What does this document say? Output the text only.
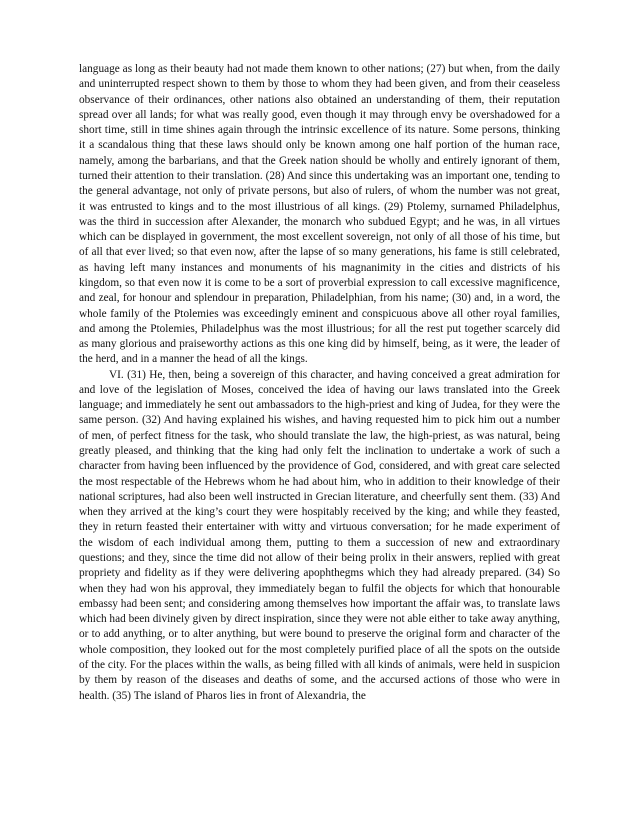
language as long as their beauty had not made them known to other nations; (27) but when, from the daily and uninterrupted respect shown to them by those to whom they had been given, and from their ceaseless observance of their ordinances, other nations also obtained an understanding of them, their reputation spread over all lands; for what was really good, even though it may through envy be overshadowed for a short time, still in time shines again through the intrinsic excellence of its nature. Some persons, thinking it a scandalous thing that these laws should only be known among one half portion of the human race, namely, among the barbarians, and that the Greek nation should be wholly and entirely ignorant of them, turned their attention to their translation. (28) And since this undertaking was an important one, tending to the general advantage, not only of private persons, but also of rulers, of whom the number was not great, it was entrusted to kings and to the most illustrious of all kings. (29) Ptolemy, surnamed Philadelphus, was the third in succession after Alexander, the monarch who subdued Egypt; and he was, in all virtues which can be displayed in government, the most excellent sovereign, not only of all those of his time, but of all that ever lived; so that even now, after the lapse of so many generations, his fame is still celebrated, as having left many instances and monuments of his magnanimity in the cities and districts of his kingdom, so that even now it is come to be a sort of proverbial expression to call excessive magnificence, and zeal, for honour and splendour in preparation, Philadelphian, from his name; (30) and, in a word, the whole family of the Ptolemies was exceedingly eminent and conspicuous above all other royal families, and among the Ptolemies, Philadelphus was the most illustrious; for all the rest put together scarcely did as many glorious and praiseworthy actions as this one king did by himself, being, as it were, the leader of the herd, and in a manner the head of all the kings.

VI. (31) He, then, being a sovereign of this character, and having conceived a great admiration for and love of the legislation of Moses, conceived the idea of having our laws translated into the Greek language; and immediately he sent out ambassadors to the high-priest and king of Judea, for they were the same person. (32) And having explained his wishes, and having requested him to pick him out a number of men, of perfect fitness for the task, who should translate the law, the high-priest, as was natural, being greatly pleased, and thinking that the king had only felt the inclination to undertake a work of such a character from having been influenced by the providence of God, considered, and with great care selected the most respectable of the Hebrews whom he had about him, who in addition to their knowledge of their national scriptures, had also been well instructed in Grecian literature, and cheerfully sent them. (33) And when they arrived at the king’s court they were hospitably received by the king; and while they feasted, they in return feasted their entertainer with witty and virtuous conversation; for he made experiment of the wisdom of each individual among them, putting to them a succession of new and extraordinary questions; and they, since the time did not allow of their being prolix in their answers, replied with great propriety and fidelity as if they were delivering apophthegms which they had already prepared. (34) So when they had won his approval, they immediately began to fulfil the objects for which that honourable embassy had been sent; and considering among themselves how important the affair was, to translate laws which had been divinely given by direct inspiration, since they were not able either to take away anything, or to add anything, or to alter anything, but were bound to preserve the original form and character of the whole composition, they looked out for the most completely purified place of all the spots on the outside of the city. For the places within the walls, as being filled with all kinds of animals, were held in suspicion by them by reason of the diseases and deaths of some, and the accursed actions of those who were in health. (35) The island of Pharos lies in front of Alexandria, the
